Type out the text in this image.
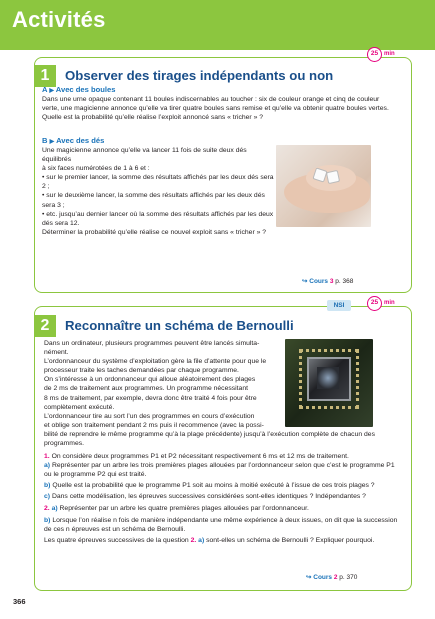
Activités
1	Observer des tirages indépendants ou non
25 min
A ▶ Avec des boules
Dans une urne opaque contenant 11 boules indiscernables au toucher : six de couleur orange et cinq de couleur
verte, une magicienne annonce qu’elle va tirer quatre boules sans remise et qu’elle va obtenir quatre boules vertes.
Quelle est la probabilité qu’elle réalise l’exploit annoncé sans « tricher » ?
B ▶ Avec des dés
Une magicienne annonce qu’elle va lancer 11 fois de suite deux dés équilibrés
à six faces numérotées de 1 à 6 et :
• sur le premier lancer, la somme des résultats affichés par les deux dés sera 2 ;
• sur le deuxième lancer, la somme des résultats affichés par les deux dés sera 3 ;
• etc. jusqu’au dernier lancer où la somme des résultats affichés par les deux
dés sera 12.
Déterminer la probabilité qu’elle réalise ce nouvel exploit sans « tricher » ?
↪ Cours 3 p. 368
2	Reconnaître un schéma de Bernoulli
NSI	25 min
Dans un ordinateur, plusieurs programmes peuvent être lancés simulta-
nément.
L’ordonnanceur du système d’exploitation gère la file d’attente pour que le
processeur traite les taches demandées par chaque programme.
On s’intéresse à un ordonnanceur qui alloue aléatoirement des plages
de 2 ms de traitement aux programmes. Un programme nécessitant
8 ms de traitement, par exemple, devra donc être traité 4 fois pour être
complètement exécuté.
L’ordonnanceur tire au sort l’un des programmes en cours d’exécution
et oblige son traitement pendant 2 ms puis il recommence (avec la possi-
bilité de reprendre le même programme qu’à la plage précédente) jusqu’à l’exécution complète de chacun des
programmes.
1. On considère deux programmes P1 et P2 nécessitant respectivement 6 ms et 12 ms de traitement.
a) Représenter par un arbre les trois premières plages allouées par l’ordonnanceur selon que c’est le programme P1
ou le programme P2 qui est traité.
b) Quelle est la probabilité que le programme P1 soit au moins à moitié exécuté à l’issue de ces trois plages ?
c) Dans cette modélisation, les épreuves successives considérées sont-elles identiques ? Indépendantes ?
2. a) Représenter par un arbre les quatre premières plages allouées par l’ordonnanceur.
b) Lorsque l’on réalise n fois de manière indépendante une même expérience à deux issues, on dit que la succession
de ces n épreuves est un schéma de Bernoulli.
Les quatre épreuves successives de la question 2. a) sont-elles un schéma de Bernoulli ? Expliquer pourquoi.
↪ Cours 2 p. 370
366
